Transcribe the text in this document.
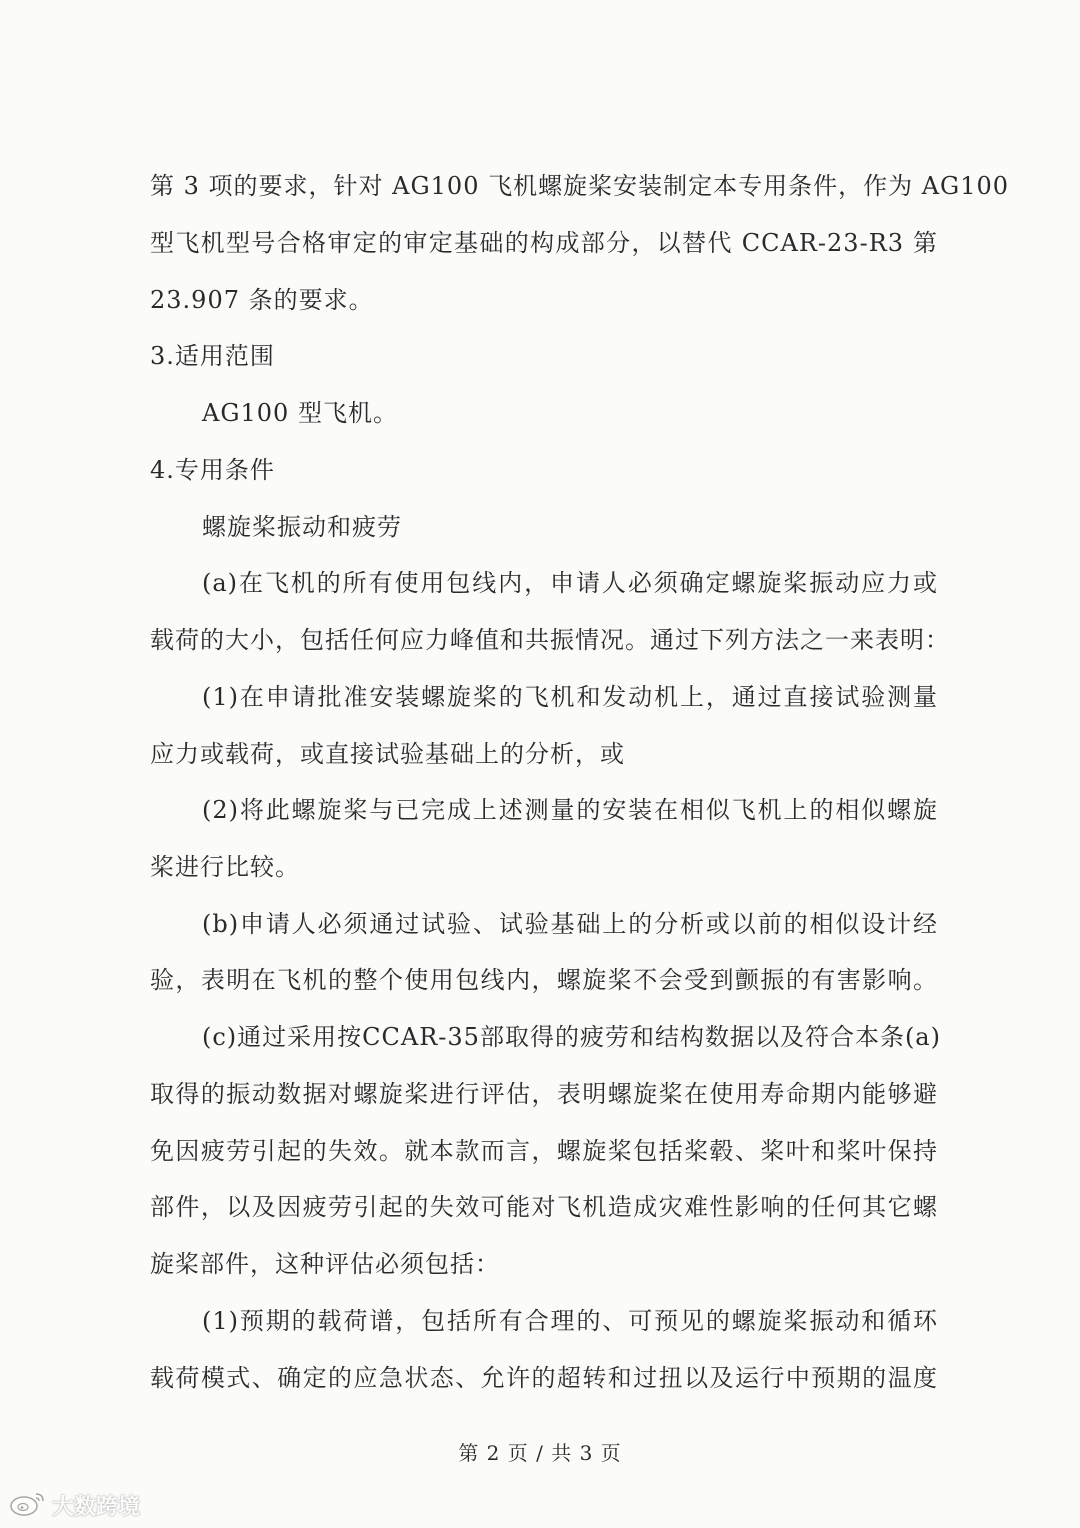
第 3 项的要求，针对 AG100 飞机螺旋桨安装制定本专用条件，作为 AG100
型飞机型号合格审定的审定基础的构成部分，以替代 CCAR-23-R3 第
23.907 条的要求。
3.适用范围
AG100 型飞机。
4.专用条件
螺旋桨振动和疲劳
(a)在飞机的所有使用包线内，申请人必须确定螺旋桨振动应力或
载荷的大小，包括任何应力峰值和共振情况。通过下列方法之一来表明：
(1)在申请批准安装螺旋桨的飞机和发动机上，通过直接试验测量
应力或载荷，或直接试验基础上的分析，或
(2)将此螺旋桨与已完成上述测量的安装在相似飞机上的相似螺旋
桨进行比较。
(b)申请人必须通过试验、试验基础上的分析或以前的相似设计经
验，表明在飞机的整个使用包线内，螺旋桨不会受到颤振的有害影响。
(c)通过采用按CCAR-35部取得的疲劳和结构数据以及符合本条(a)
取得的振动数据对螺旋桨进行评估，表明螺旋桨在使用寿命期内能够避
免因疲劳引起的失效。就本款而言，螺旋桨包括桨毂、桨叶和桨叶保持
部件，以及因疲劳引起的失效可能对飞机造成灾难性影响的任何其它螺
旋桨部件，这种评估必须包括：
(1)预期的载荷谱，包括所有合理的、可预见的螺旋桨振动和循环
载荷模式、确定的应急状态、允许的超转和过扭以及运行中预期的温度
第 2 页 / 共 3 页
大数跨境
